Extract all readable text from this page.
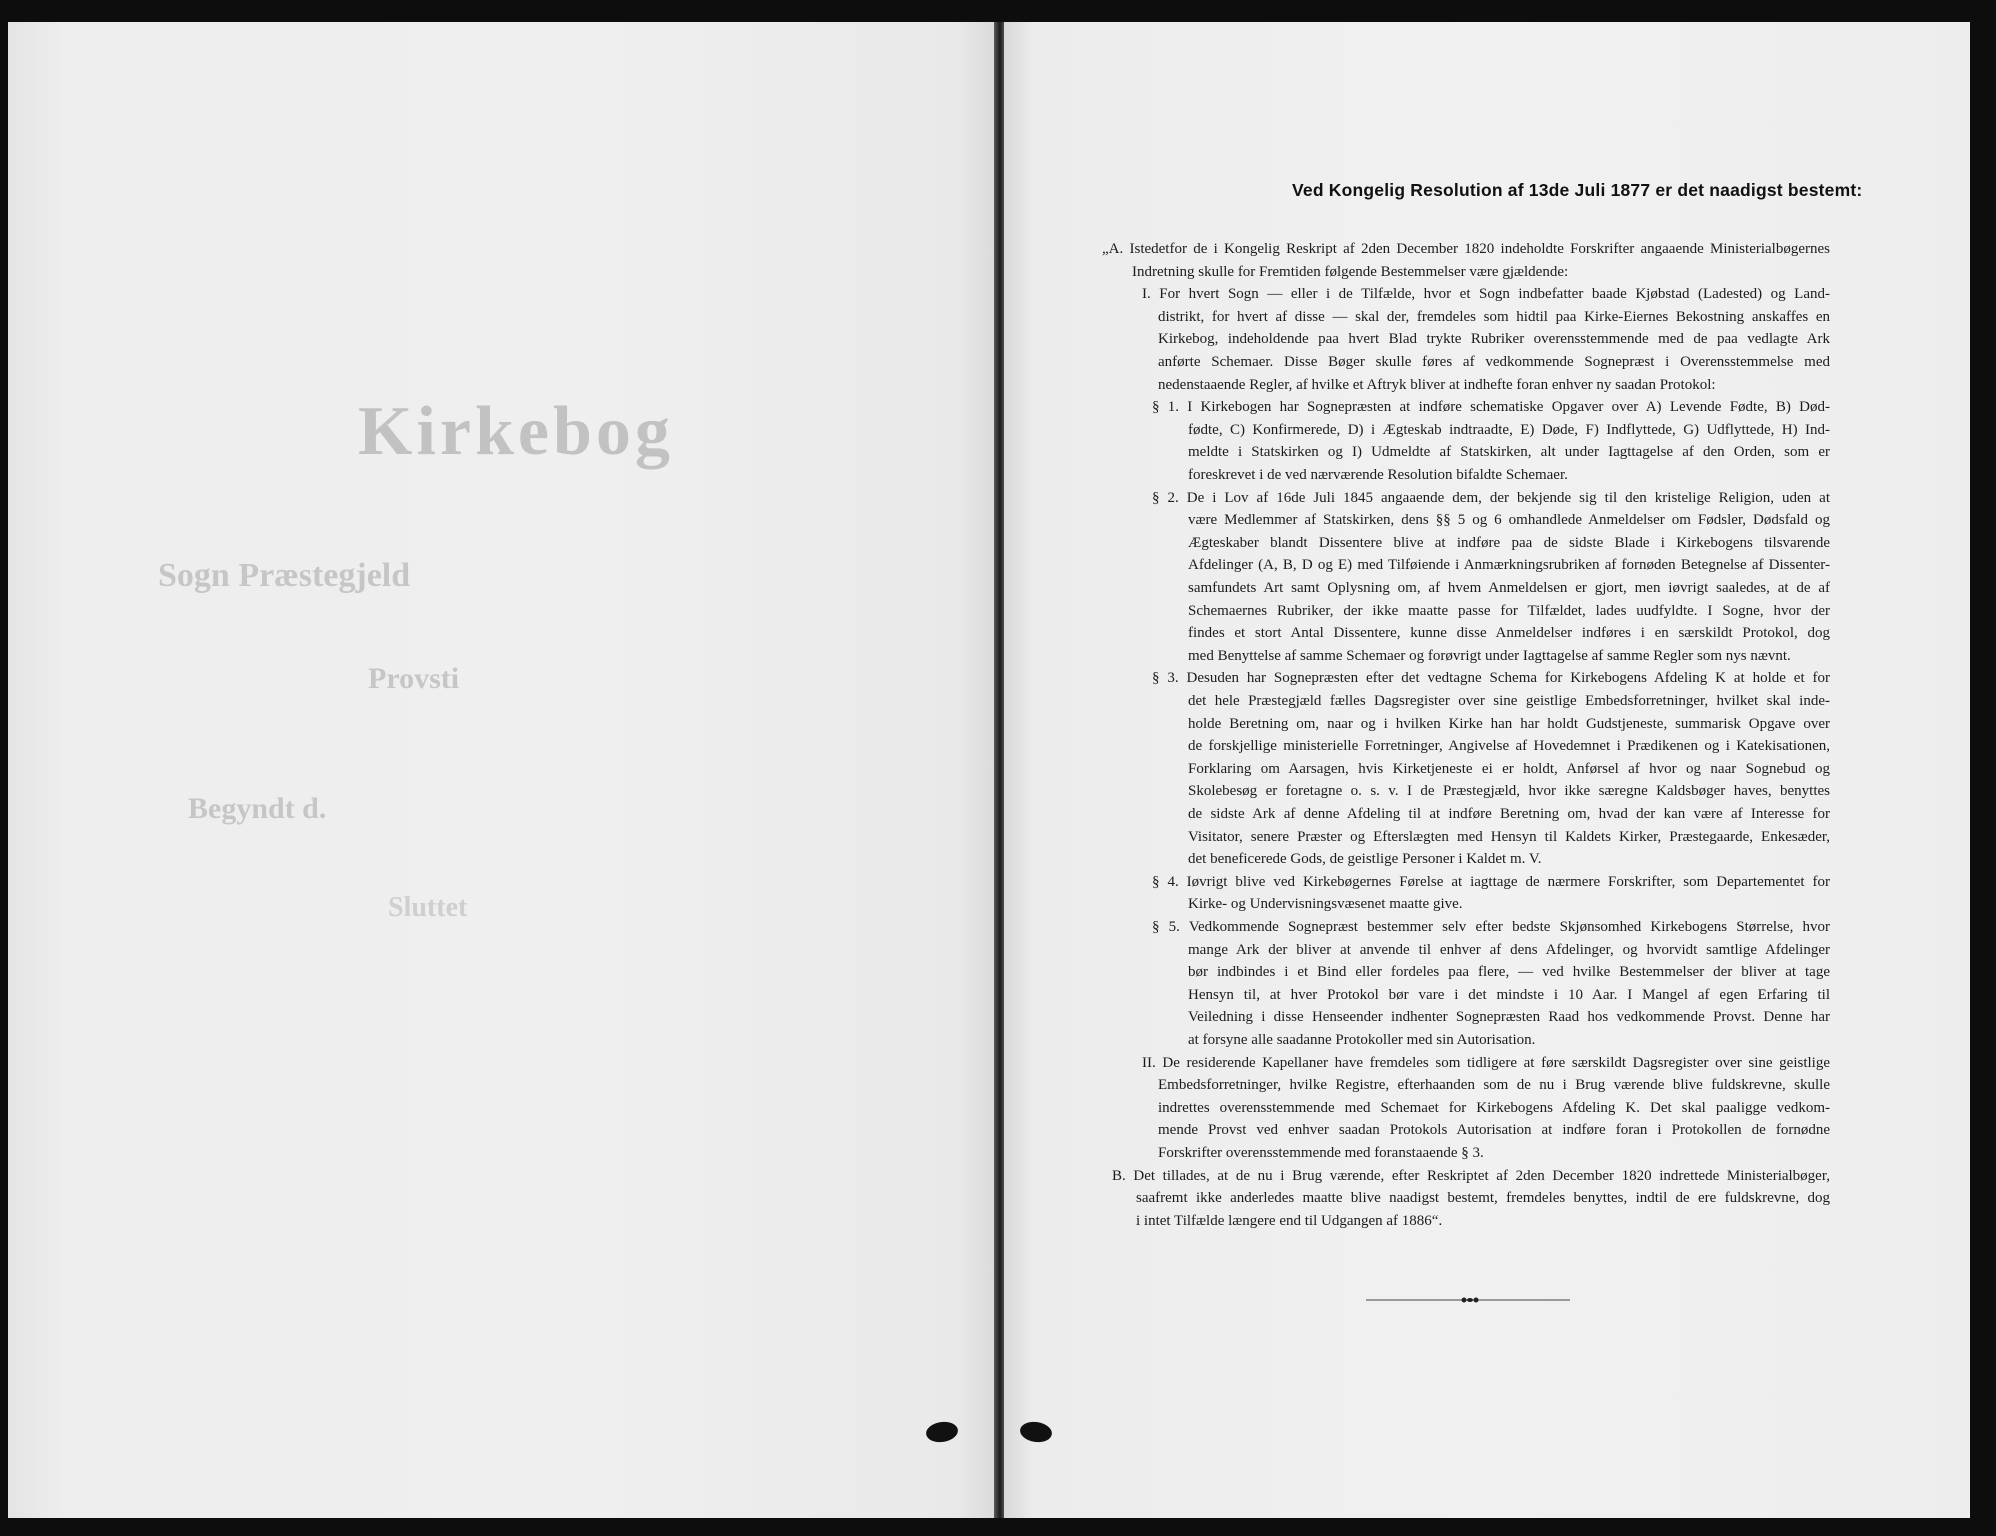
Kirkebog
Sogn Præstegjeld
Provsti
Begyndt d.
Sluttet
Ved Kongelig Resolution af 13de Juli 1877 er det naadigst bestemt:
„A. Istedetfor de i Kongelig Reskript af 2den December 1820 indeholdte Forskrifter angaaende Ministerialbøgernes
Indretning skulle for Fremtiden følgende Bestemmelser være gjældende:
I. For hvert Sogn — eller i de Tilfælde, hvor et Sogn indbefatter baade Kjøbstad (Ladested) og Land-
distrikt, for hvert af disse — skal der, fremdeles som hidtil paa Kirke-Eiernes Bekostning anskaffes en
Kirkebog, indeholdende paa hvert Blad trykte Rubriker overensstemmende med de paa vedlagte Ark
anførte Schemaer. Disse Bøger skulle føres af vedkommende Sognepræst i Overensstemmelse med
nedenstaaende Regler, af hvilke et Aftryk bliver at indhefte foran enhver ny saadan Protokol:
§ 1. I Kirkebogen har Sognepræsten at indføre schematiske Opgaver over A) Levende Fødte, B) Død-
fødte, C) Konfirmerede, D) i Ægteskab indtraadte, E) Døde, F) Indflyttede, G) Udflyttede, H) Ind-
meldte i Statskirken og I) Udmeldte af Statskirken, alt under Iagttagelse af den Orden, som er
foreskrevet i de ved nærværende Resolution bifaldte Schemaer.
§ 2. De i Lov af 16de Juli 1845 angaaende dem, der bekjende sig til den kristelige Religion, uden at
være Medlemmer af Statskirken, dens §§ 5 og 6 omhandlede Anmeldelser om Fødsler, Dødsfald og
Ægteskaber blandt Dissentere blive at indføre paa de sidste Blade i Kirkebogens tilsvarende
Afdelinger (A, B, D og E) med Tilføiende i Anmærkningsrubriken af fornøden Betegnelse af Dissenter-
samfundets Art samt Oplysning om, af hvem Anmeldelsen er gjort, men iøvrigt saaledes, at de af
Schemaernes Rubriker, der ikke maatte passe for Tilfældet, lades uudfyldte. I Sogne, hvor der
findes et stort Antal Dissentere, kunne disse Anmeldelser indføres i en særskildt Protokol, dog
med Benyttelse af samme Schemaer og forøvrigt under Iagttagelse af samme Regler som nys nævnt.
§ 3. Desuden har Sognepræsten efter det vedtagne Schema for Kirkebogens Afdeling K at holde et for
det hele Præstegjæld fælles Dagsregister over sine geistlige Embedsforretninger, hvilket skal inde-
holde Beretning om, naar og i hvilken Kirke han har holdt Gudstjeneste, summarisk Opgave over
de forskjellige ministerielle Forretninger, Angivelse af Hovedemnet i Prædikenen og i Katekisationen,
Forklaring om Aarsagen, hvis Kirketjeneste ei er holdt, Anførsel af hvor og naar Sognebud og
Skolebesøg er foretagne o. s. v. I de Præstegjæld, hvor ikke særegne Kaldsbøger haves, benyttes
de sidste Ark af denne Afdeling til at indføre Beretning om, hvad der kan være af Interesse for
Visitator, senere Præster og Efterslægten med Hensyn til Kaldets Kirker, Præstegaarde, Enkesæder,
det beneficerede Gods, de geistlige Personer i Kaldet m. V.
§ 4. Iøvrigt blive ved Kirkebøgernes Førelse at iagttage de nærmere Forskrifter, som Departementet for
Kirke- og Undervisningsvæsenet maatte give.
§ 5. Vedkommende Sognepræst bestemmer selv efter bedste Skjønsomhed Kirkebogens Størrelse, hvor
mange Ark der bliver at anvende til enhver af dens Afdelinger, og hvorvidt samtlige Afdelinger
bør indbindes i et Bind eller fordeles paa flere, — ved hvilke Bestemmelser der bliver at tage
Hensyn til, at hver Protokol bør vare i det mindste i 10 Aar. I Mangel af egen Erfaring til
Veiledning i disse Henseender indhenter Sognepræsten Raad hos vedkommende Provst. Denne har
at forsyne alle saadanne Protokoller med sin Autorisation.
II. De residerende Kapellaner have fremdeles som tidligere at føre særskildt Dagsregister over sine geistlige
Embedsforretninger, hvilke Registre, efterhaanden som de nu i Brug værende blive fuldskrevne, skulle
indrettes overensstemmende med Schemaet for Kirkebogens Afdeling K. Det skal paaligge vedkom-
mende Provst ved enhver saadan Protokols Autorisation at indføre foran i Protokollen de fornødne
Forskrifter overensstemmende med foranstaaende § 3.
B. Det tillades, at de nu i Brug værende, efter Reskriptet af 2den December 1820 indrettede Ministerialbøger,
saafremt ikke anderledes maatte blive naadigst bestemt, fremdeles benyttes, indtil de ere fuldskrevne, dog
i intet Tilfælde længere end til Udgangen af 1886“.
